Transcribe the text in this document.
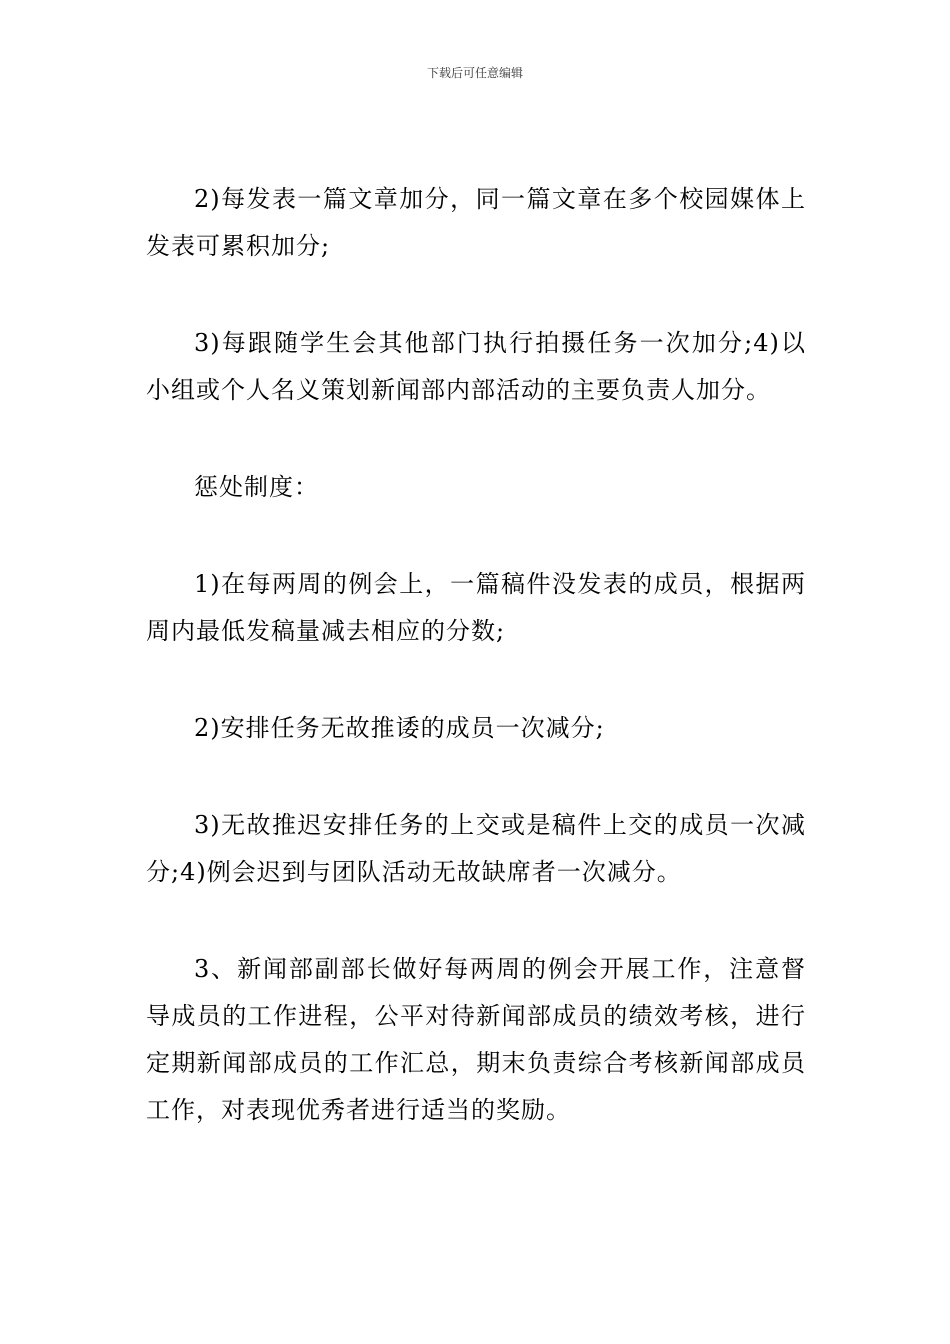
下载后可任意编辑

2)每发表一篇文章加分，同一篇文章在多个校园媒体上发表可累积加分;

3)每跟随学生会其他部门执行拍摄任务一次加分;4)以小组或个人名义策划新闻部内部活动的主要负责人加分。

惩处制度：

1)在每两周的例会上，一篇稿件没发表的成员，根据两周内最低发稿量减去相应的分数;

2)安排任务无故推诿的成员一次减分;

3)无故推迟安排任务的上交或是稿件上交的成员一次减分;4)例会迟到与团队活动无故缺席者一次减分。

3、新闻部副部长做好每两周的例会开展工作，注意督导成员的工作进程，公平对待新闻部成员的绩效考核，进行定期新闻部成员的工作汇总，期末负责综合考核新闻部成员工作，对表现优秀者进行适当的奖励。
